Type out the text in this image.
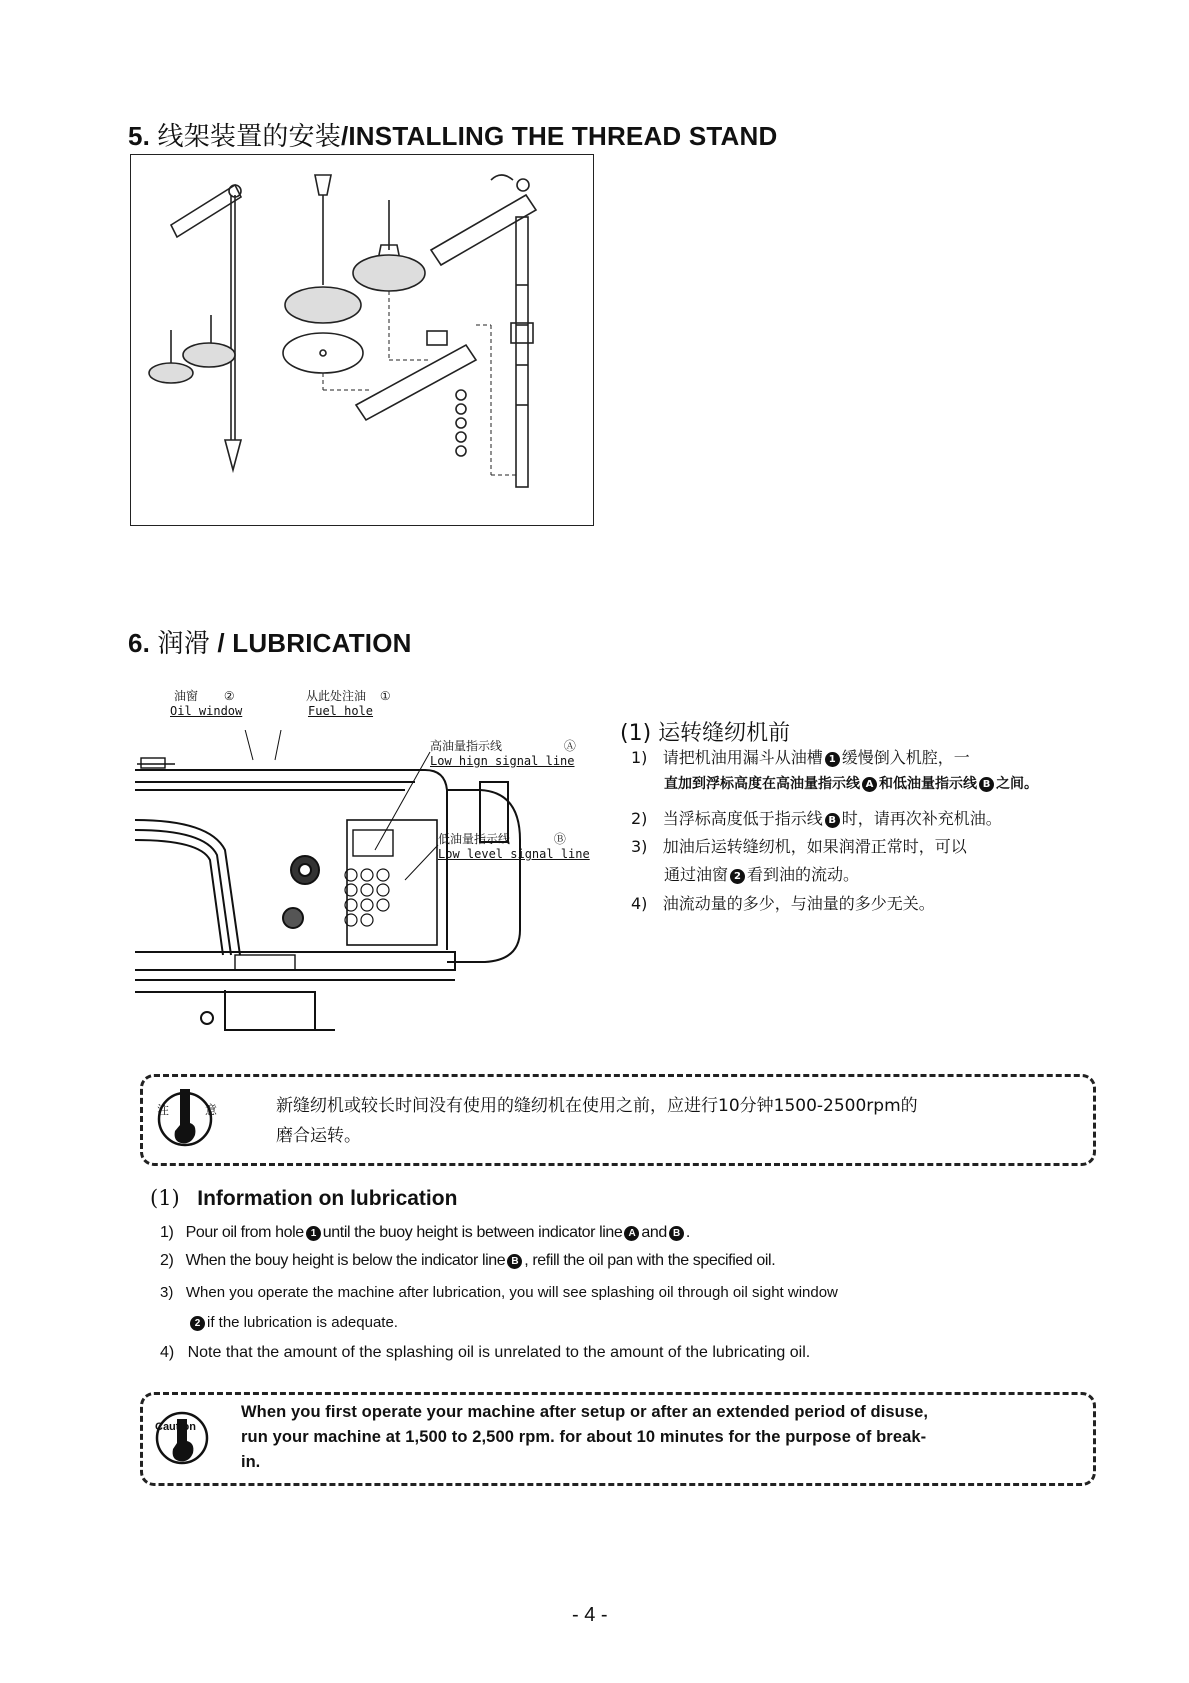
5. 线架装置的安装/INSTALLING THE THREAD STAND
6. 润滑 / LUBRICATION
油窗 ②
Oil window
从此处注油 ①
Fuel hole
高油量指示线	Ⓐ
Low hign signal line
低油量指示线	Ⓑ
Low level signal line
(1) 运转缝纫机前
1) 请把机油用漏斗从油槽 1 缓慢倒入机腔，一
直加到浮标高度在高油量指示线 A 和低油量指示线 B 之间。
2) 当浮标高度低于指示线 B 时，请再次补充机油。
3) 加油后运转缝纫机，如果润滑正常时，可以
通过油窗 2 看到油的流动。
4) 油流动量的多少，与油量的多少无关。
注	意	新缝纫机或较长时间没有使用的缝纫机在使用之前，应进行10分钟1500-2500rpm的
磨合运转。
(1) Information on lubrication
1) Pour oil from hole 1 until the buoy height is between indicator line A and B .
2) When the bouy height is below the indicator line B , refill the oil pan with the specified oil.
3) When you operate the machine after lubrication, you will see splashing oil through oil sight window
2 if the lubrication is adequate.
4) Note that the amount of the splashing oil is unrelated to the amount of the lubricating oil.
Caution
When you first operate your machine after setup or after an extended period of disuse,
run your machine at 1,500 to 2,500 rpm. for about 10 minutes for the purpose of break-
in.
- 4 -
